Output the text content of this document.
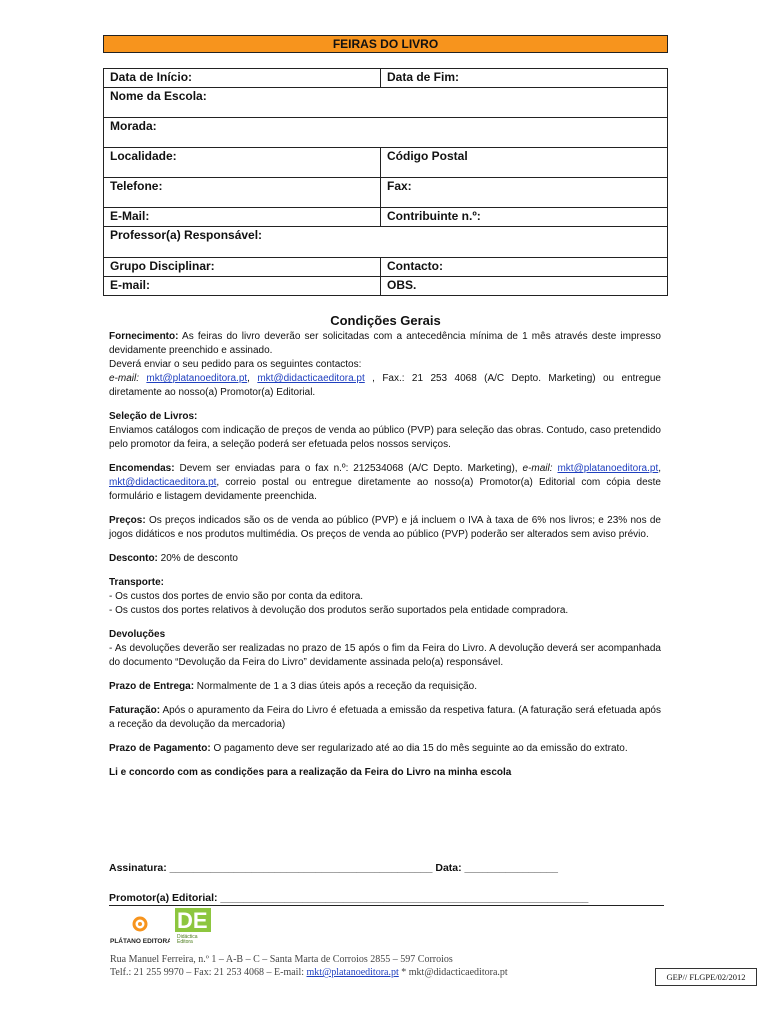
FEIRAS DO LIVRO
Data de Início:	Data de Fim:
Nome da Escola:	
Morada:	
Localidade:	Código Postal
Telefone:	Fax:
E-Mail:	Contribuinte n.º:
Professor(a) Responsável:	
Grupo Disciplinar:	Contacto:
E-mail:	OBS.
Condições Gerais

Fornecimento: As feiras do livro deverão ser solicitadas com a antecedência mínima de 1 mês através deste impresso devidamente preenchido e assinado.
Deverá enviar o seu pedido para os seguintes contactos:
e-mail: mkt@platanoeditora.pt, mkt@didacticaeditora.pt , Fax.: 21 253 4068 (A/C Depto. Marketing) ou entregue diretamente ao nosso(a) Promotor(a) Editorial.

Seleção de Livros:
Enviamos catálogos com indicação de preços de venda ao público (PVP) para seleção das obras. Contudo, caso pretendido pelo promotor da feira, a seleção poderá ser efetuada pelos nossos serviços.

Encomendas: Devem ser enviadas para o fax n.º: 212534068 (A/C Depto. Marketing), e-mail: mkt@platanoeditora.pt, mkt@didacticaeditora.pt, correio postal ou entregue diretamente ao nosso(a) Promotor(a) Editorial com cópia deste formulário e listagem devidamente preenchida.

Preços: Os preços indicados são os de venda ao público (PVP) e já incluem o IVA à taxa de 6% nos livros; e 23% nos de jogos didáticos e nos produtos multimédia. Os preços de venda ao público (PVP) poderão ser alterados sem aviso prévio.

Desconto: 20% de desconto

Transporte:
- Os custos dos portes de envio são por conta da editora.
- Os custos dos portes relativos à devolução dos produtos serão suportados pela entidade compradora.

Devoluções
- As devoluções deverão ser realizadas no prazo de 15 após o fim da Feira do Livro. A devolução deverá ser acompanhada do documento “Devolução da Feira do Livro” devidamente assinada pelo(a) responsável.

Prazo de Entrega: Normalmente de 1 a 3 dias úteis após a receção da requisição.

Faturação: Após o apuramento da Feira do Livro é efetuada a emissão da respetiva fatura. (A faturação será efetuada após a receção da devolução da mercadoria)

Prazo de Pagamento: O pagamento deve ser regularizado até ao dia 15 do mês seguinte ao da emissão do extrato.

Li e concordo com as condições para a realização da Feira do Livro na minha escola

Assinatura: _____________________________________________ Data: ________________
Promotor(a) Editorial: _______________________________________________________________
PLÁTANO EDITORA
DE
Didáctica
Editora
Rua Manuel Ferreira, n.º 1 – A-B – C – Santa Marta de Corroios 2855 – 597 Corroios
Telf.: 21 255 9970 – Fax: 21 253 4068 – E-mail: mkt@platanoeditora.pt * mkt@didacticaeditora.pt	GEP// FLGPE/02/2012
